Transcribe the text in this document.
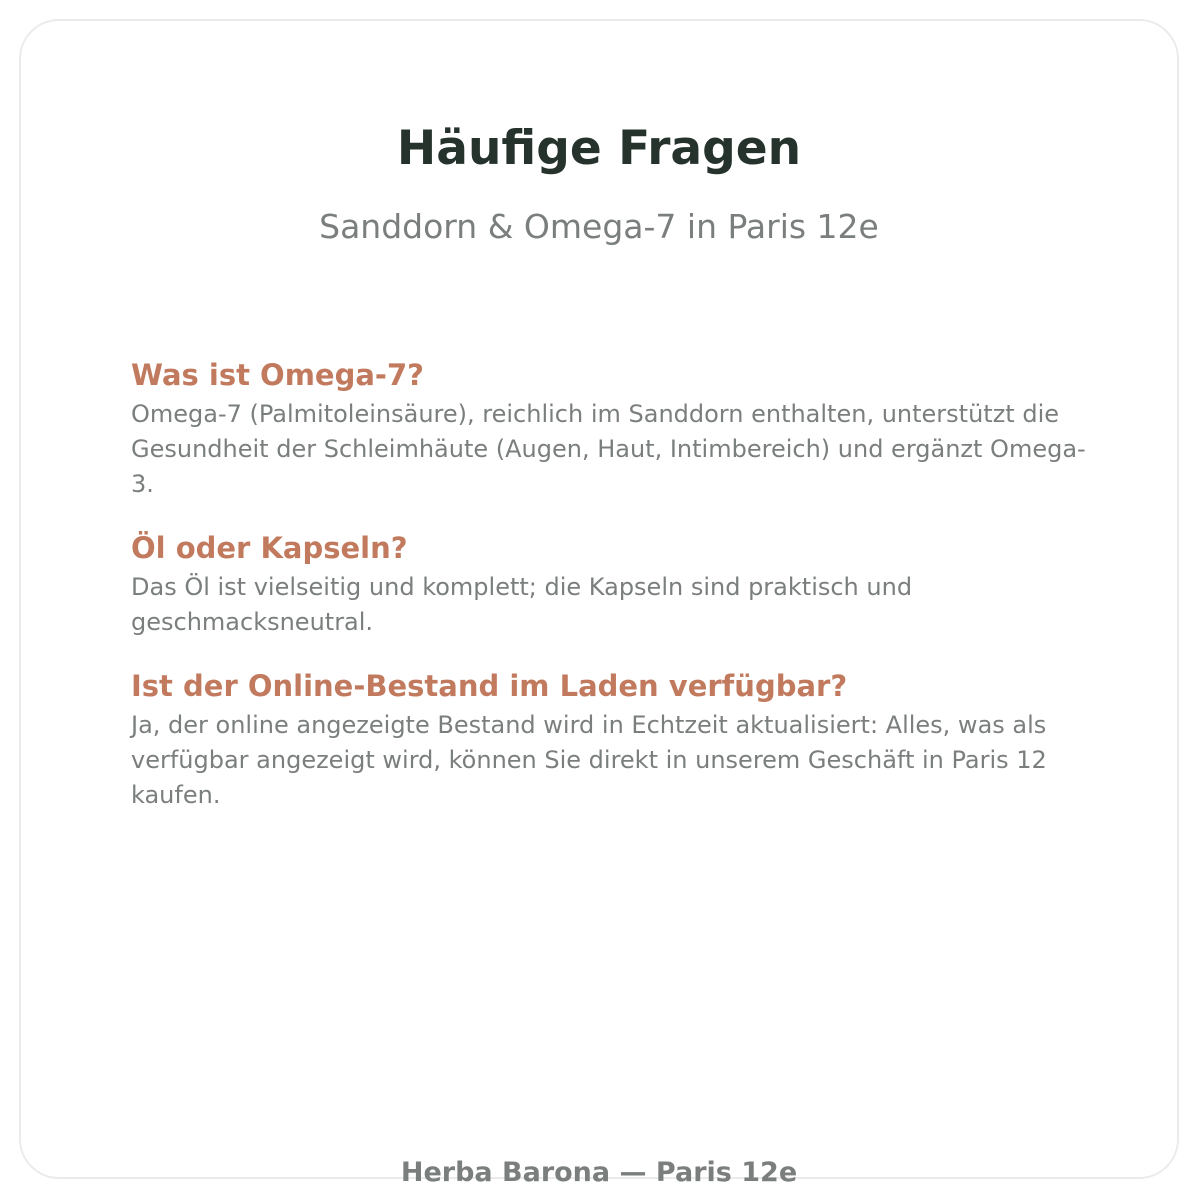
Häufige Fragen

Sanddorn & Omega-7 in Paris 12e

Was ist Omega-7?

Omega-7 (Palmitoleinsäure), reichlich im Sanddorn enthalten, unterstützt die Gesundheit der Schleimhäute (Augen, Haut, Intimbereich) und ergänzt Omega-3.

Öl oder Kapseln?

Das Öl ist vielseitig und komplett; die Kapseln sind praktisch und geschmacksneutral.

Ist der Online-Bestand im Laden verfügbar?

Ja, der online angezeigte Bestand wird in Echtzeit aktualisiert: Alles, was als verfügbar angezeigt wird, können Sie direkt in unserem Geschäft in Paris 12 kaufen.

Herba Barona — Paris 12e
